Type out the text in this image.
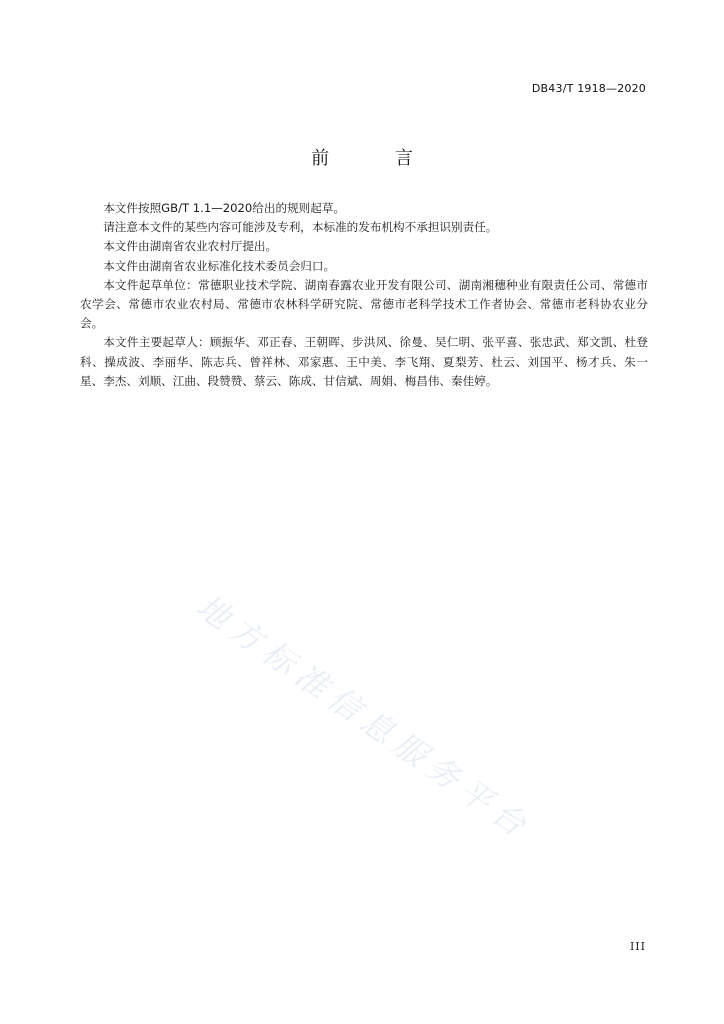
DB43/T 1918—2020
前 言

本文件按照GB/T 1.1—2020给出的规则起草。

请注意本文件的某些内容可能涉及专利，本标准的发布机构不承担识别责任。

本文件由湖南省农业农村厅提出。

本文件由湖南省农业标准化技术委员会归口。

本文件起草单位：常德职业技术学院、湖南春露农业开发有限公司、湖南湘穗种业有限责任公司、常德市农学会、常德市农业农村局、常德市农林科学研究院、常德市老科学技术工作者协会、常德市老科协农业分会。

本文件主要起草人：顾振华、邓正春、王朝晖、步洪风、徐曼、吴仁明、张平喜、张忠武、郑文凯、杜登科、操成波、李丽华、陈志兵、曾祥林、邓家惠、王中美、李飞翔、夏梨芳、杜云、刘国平、杨才兵、朱一星、李杰、刘顺、江曲、段赞赞、蔡云、陈成、甘信斌、周娟、梅昌伟、秦佳婷。

地方标准信息服务平台
III
